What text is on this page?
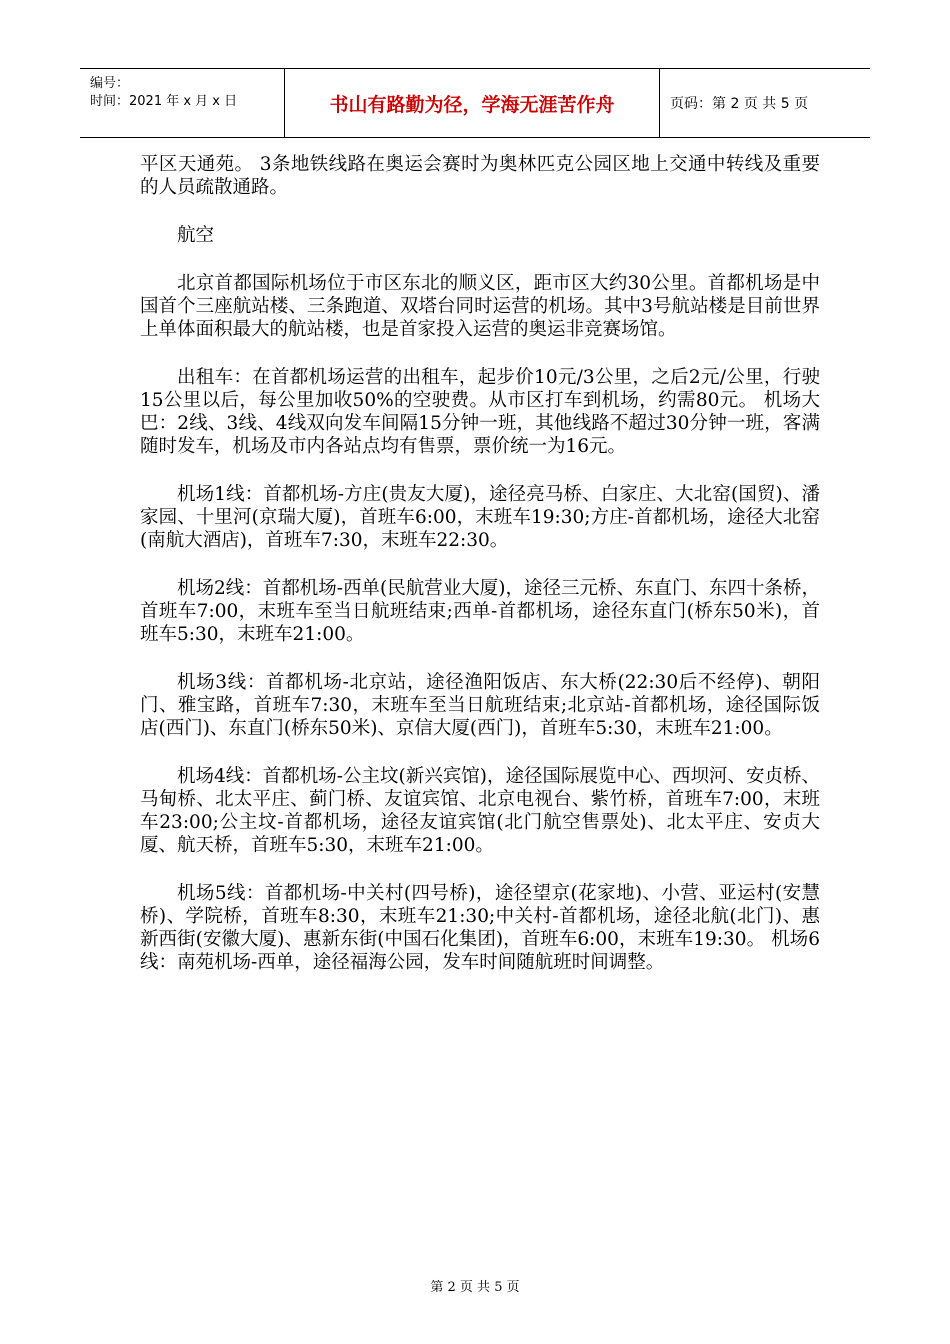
编号：
时间：2021 年 x 月 x 日	书山有路勤为径，学海无涯苦作舟	页码：第 2 页 共 5 页

平区天通苑。 3条地铁线路在奥运会赛时为奥林匹克公园区地上交通中转线及重要的人员疏散通路。

航空

北京首都国际机场位于市区东北的顺义区，距市区大约30公里。首都机场是中国首个三座航站楼、三条跑道、双塔台同时运营的机场。其中3号航站楼是目前世界上单体面积最大的航站楼，也是首家投入运营的奥运非竞赛场馆。

出租车：在首都机场运营的出租车，起步价10元/3公里，之后2元/公里，行驶15公里以后，每公里加收50%的空驶费。从市区打车到机场，约需80元。 机场大巴：2线、3线、4线双向发车间隔15分钟一班，其他线路不超过30分钟一班，客满随时发车，机场及市内各站点均有售票，票价统一为16元。

机场1线：首都机场-方庄(贵友大厦)，途径亮马桥、白家庄、大北窑(国贸)、潘家园、十里河(京瑞大厦)，首班车6:00，末班车19:30;方庄-首都机场，途径大北窑 (南航大酒店)，首班车7:30，末班车22:30。

机场2线：首都机场-西单(民航营业大厦)，途径三元桥、东直门、东四十条桥，首班车7:00，末班车至当日航班结束;西单-首都机场，途径东直门(桥东50米)，首班车5:30，末班车21:00。

机场3线：首都机场-北京站，途径渔阳饭店、东大桥(22:30后不经停)、朝阳门、雅宝路，首班车7:30，末班车至当日航班结束;北京站-首都机场，途径国际饭店(西门)、东直门(桥东50米)、京信大厦(西门)，首班车5:30，末班车21:00。

机场4线：首都机场-公主坟(新兴宾馆)，途径国际展览中心、西坝河、安贞桥、马甸桥、北太平庄、蓟门桥、友谊宾馆、北京电视台、紫竹桥，首班车7:00，末班车23:00;公主坟-首都机场，途径友谊宾馆(北门航空售票处)、北太平庄、安贞大厦、航天桥，首班车5:30，末班车21:00。

机场5线：首都机场-中关村(四号桥)，途径望京(花家地)、小营、亚运村(安慧桥)、学院桥，首班车8:30，末班车21:30;中关村-首都机场，途径北航(北门)、惠新西街(安徽大厦)、惠新东街(中国石化集团)，首班车6:00，末班车19:30。 机场6线：南苑机场-西单，途径福海公园，发车时间随航班时间调整。

第 2 页 共 5 页
